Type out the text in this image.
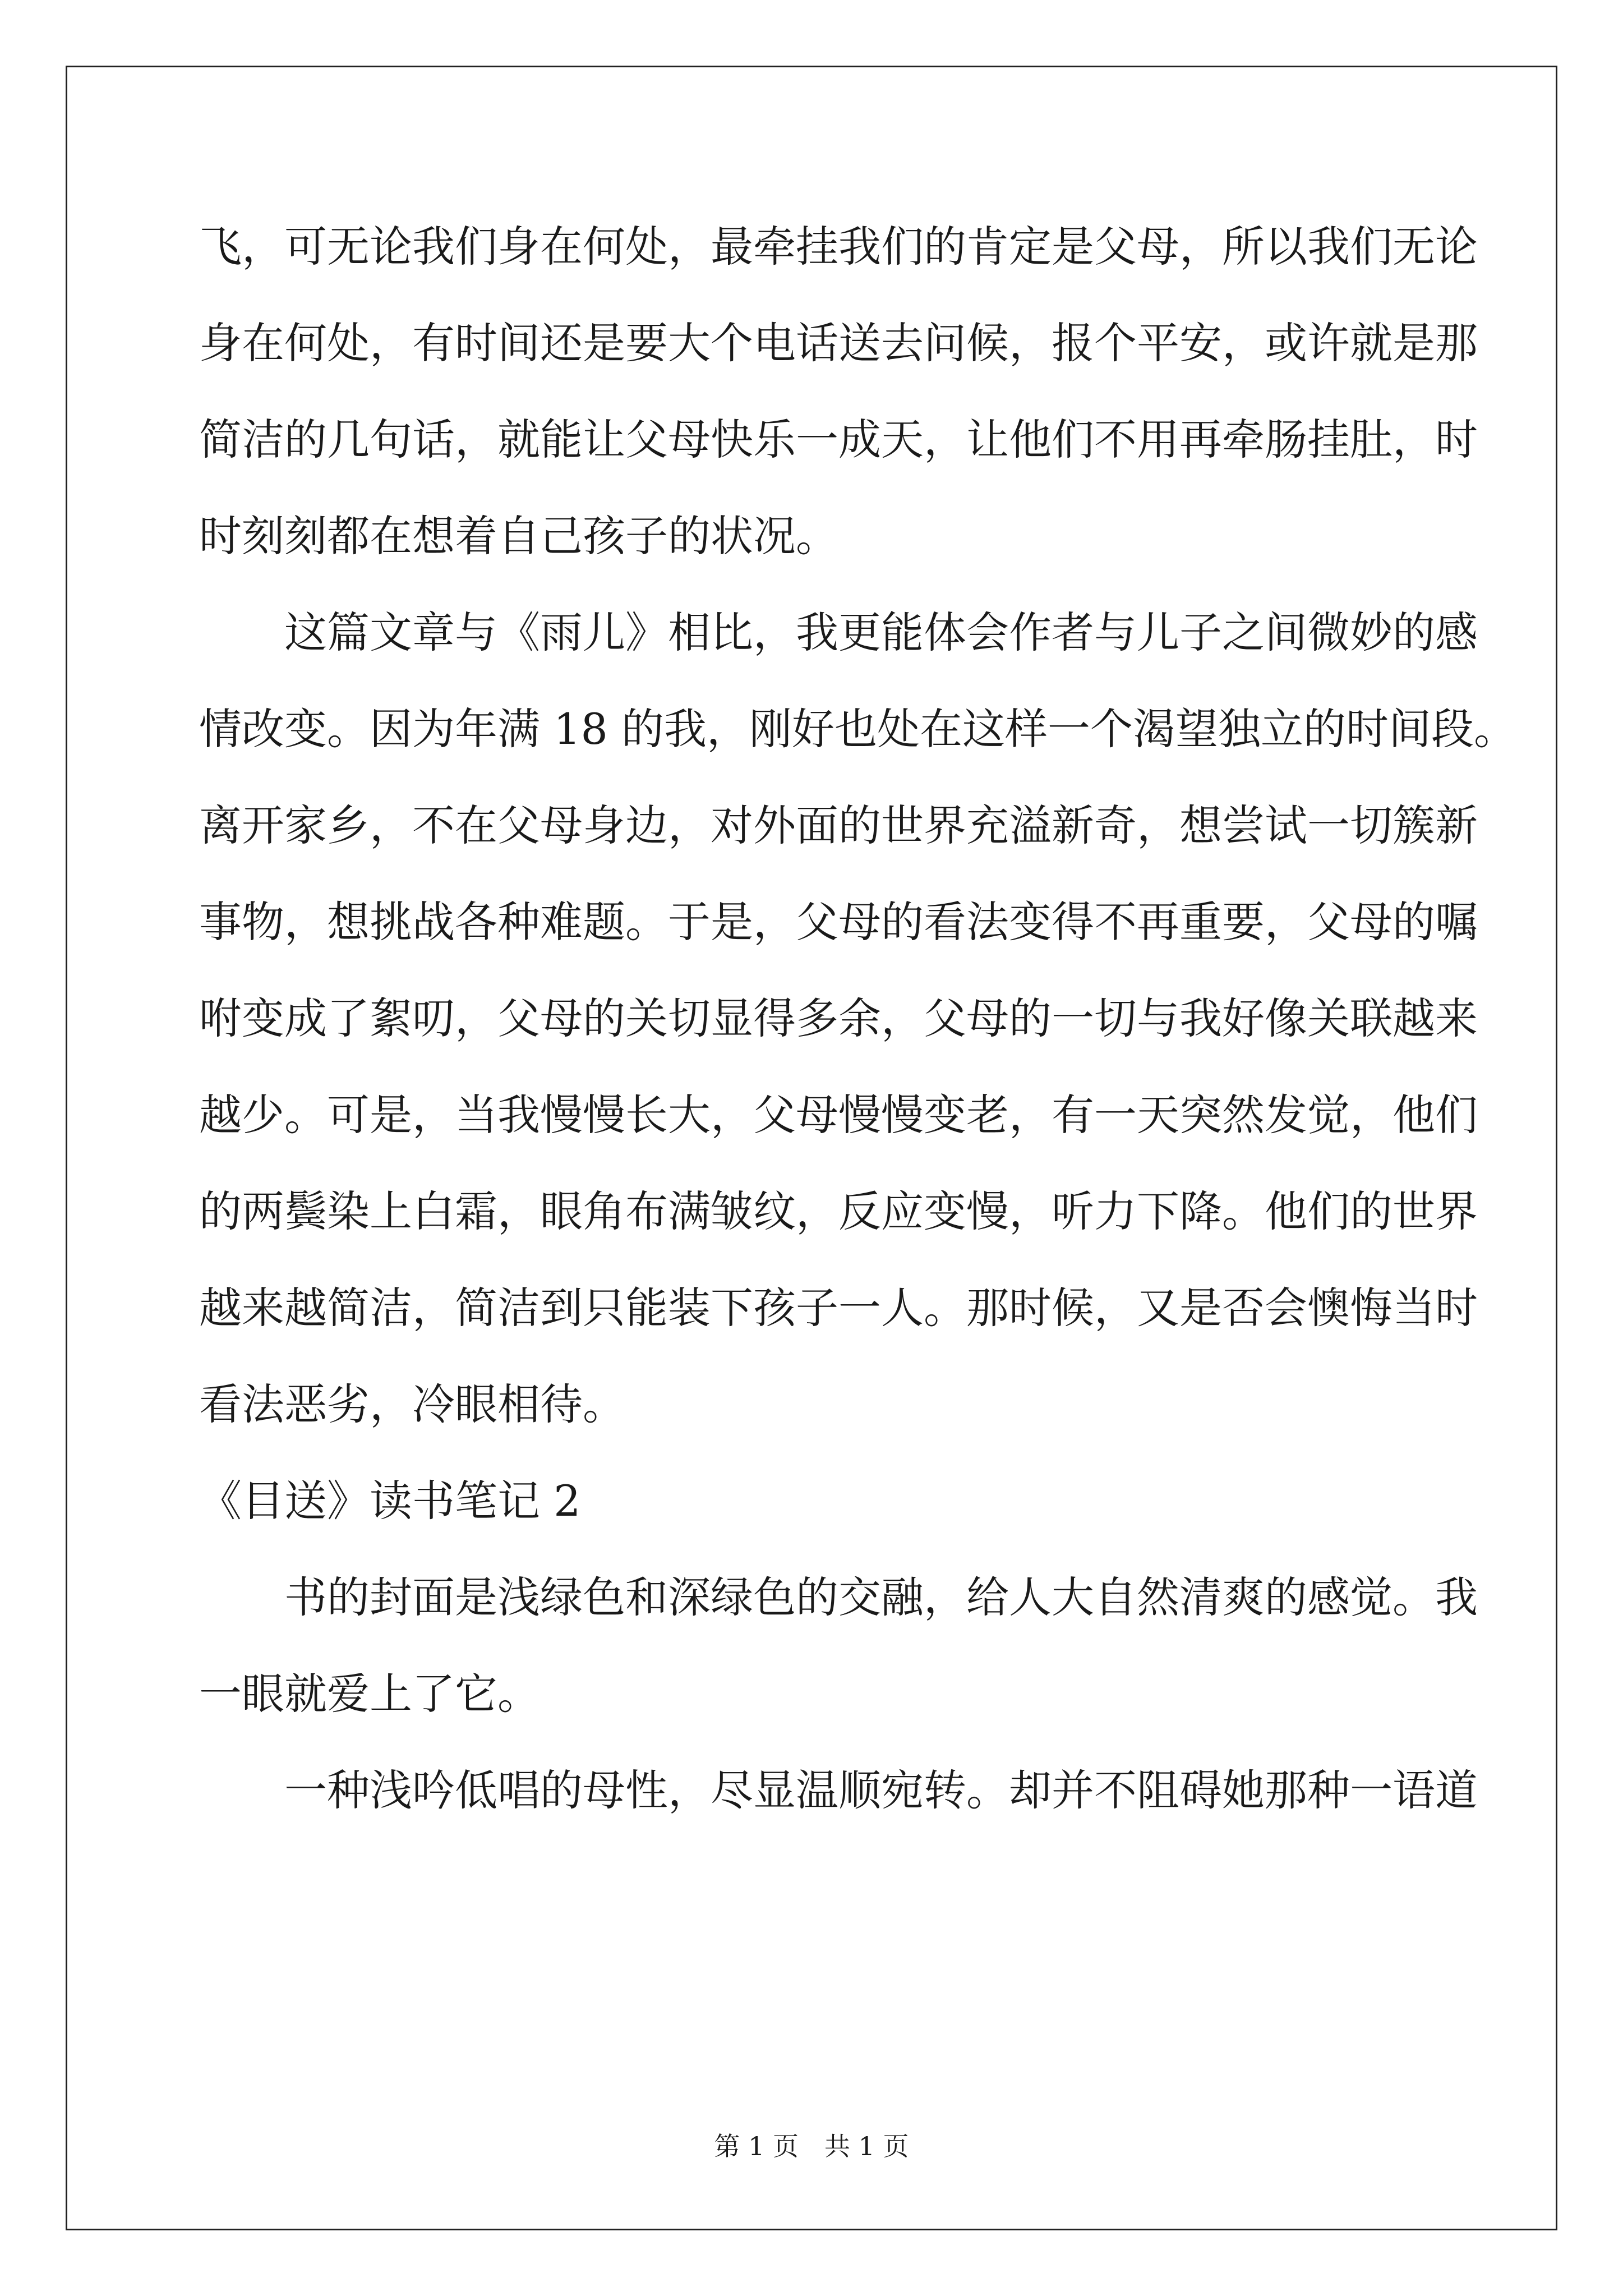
飞，可无论我们身在何处，最牵挂我们的肯定是父母，所以我们无论
身在何处，有时间还是要大个电话送去问候，报个平安，或许就是那
简洁的几句话，就能让父母快乐一成天，让他们不用再牵肠挂肚，时
时刻刻都在想着自己孩子的状况。
这篇文章与《雨儿》相比，我更能体会作者与儿子之间微妙的感
情改变。因为年满 18 的我，刚好也处在这样一个渴望独立的时间段。
离开家乡，不在父母身边，对外面的世界充溢新奇，想尝试一切簇新
事物，想挑战各种难题。于是，父母的看法变得不再重要，父母的嘱
咐变成了絮叨，父母的关切显得多余，父母的一切与我好像关联越来
越少。可是，当我慢慢长大，父母慢慢变老，有一天突然发觉，他们
的两鬓染上白霜，眼角布满皱纹，反应变慢，听力下降。他们的世界
越来越简洁，简洁到只能装下孩子一人。那时候，又是否会懊悔当时
看法恶劣，冷眼相待。
《目送》读书笔记 2
书的封面是浅绿色和深绿色的交融，给人大自然清爽的感觉。我
一眼就爱上了它。
一种浅吟低唱的母性，尽显温顺宛转。却并不阻碍她那种一语道
第 1 页　共 1 页
